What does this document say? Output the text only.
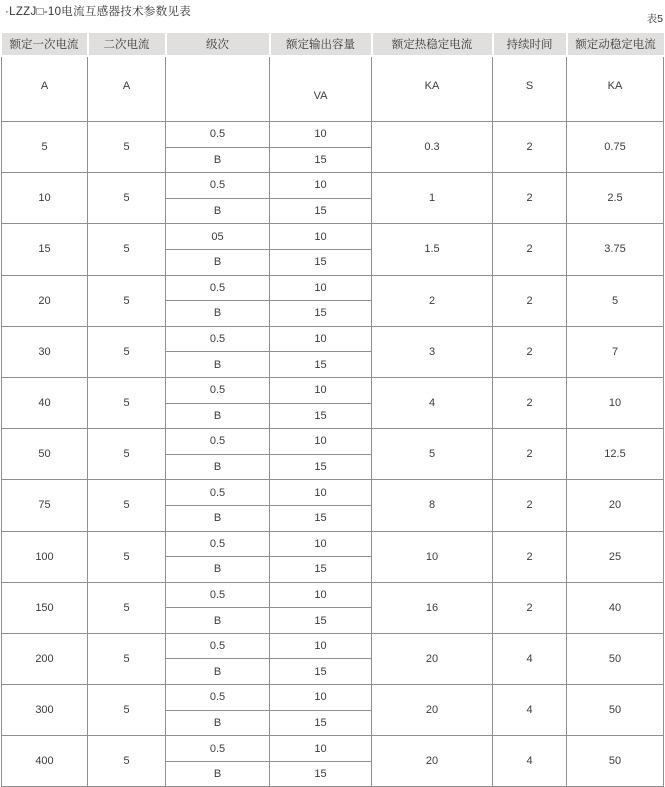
·LZZJ□-10电流互感器技术参数见表
表5
额定一次电流	二次电流	级次	额定输出容量	额定热稳定电流	持续时间	额定动稳定电流
A	A		VA	KA	S	KA
5	5	0.5	10	0.3	2	0.75
		B	15			
10	5	0.5	10	1	2	2.5
		B	15			
15	5	05	10	1.5	2	3.75
		B	15			
20	5	0.5	10	2	2	5
		B	15			
30	5	0.5	10	3	2	7
		B	15			
40	5	0.5	10	4	2	10
		B	15			
50	5	0.5	10	5	2	12.5
		B	15			
75	5	0.5	10	8	2	20
		B	15			
100	5	0.5	10	10	2	25
		B	15			
150	5	0.5	10	16	2	40
		B	15			
200	5	0.5	10	20	4	50
		B	15			
300	5	0.5	10	20	4	50
		B	15			
400	5	0.5	10	20	4	50
		B	15			
